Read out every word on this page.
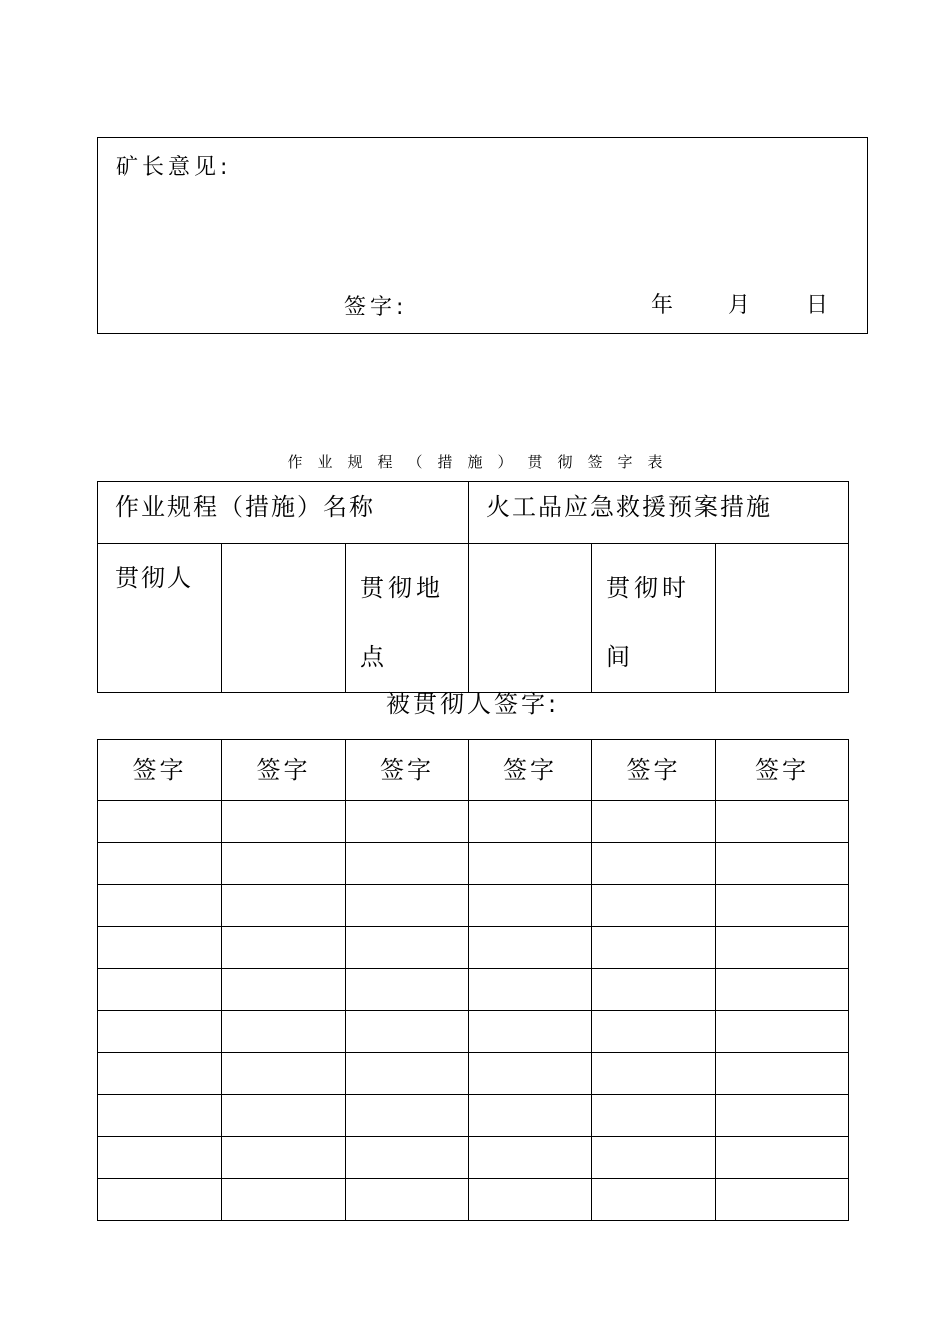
矿长意见:
签字:	年 月	日
作业规程（措施）贯彻签字表
作业规程（措施）名称			火工品应急救援预案措施		

贯彻人		贯彻地点		贯彻时间	

被贯彻人签字:
签字	签字	签字	签字	签字	签字
